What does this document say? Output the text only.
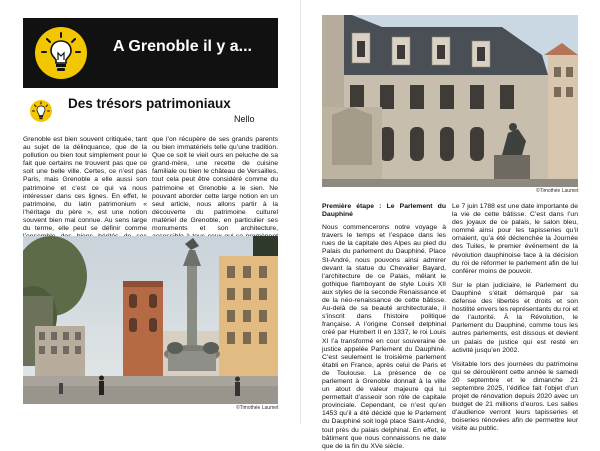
A Grenoble il y a...
Des trésors patrimoniaux
Nello
Grenoble est bien souvent critiquée, tant au sujet de la délinquance, que de la pollution ou bien tout simplement pour le fait que certains ne trouvent pas que ce soit une belle ville. Certes, ce n’est pas Paris, mais Grenoble a elle aussi son patrimoine et c’est ce qui va nous intéresser dans ces lignes. En effet, le patrimoine, du latin patrimonium « l’héritage du père », est une notion souvent bien mal connue. Au sens large du terme, elle peut se définir comme
que l’on récupère de ses grands parents ou bien immatériels telle qu’une tradition. Que ce soit le vieil ours en peluche de sa grand-mère, une recette de cuisine familiale ou bien le château de Versailles, tout cela peut être considéré comme du patrimoine et Grenoble a le sien. Ne pouvant aborder cette large notion en un seul article, nous allons partir à la découverte du patrimoine culturel matériel de Grenoble, en particulier ses monuments et son architecture,
©Timothée Laumet
©Timothée Laumet
Première étape : Le Parlement du Dauphiné
Nous commencerons notre voyage à travers le temps et l’espace dans les rues de la capitale des Alpes au pied du Palais du parlement du Dauphiné. Place St-André, nous pouvons ainsi admirer devant la statue du Chevalier Bayard, l’architecture de ce Palais, mêlant le gothique flamboyant de style Louis XII aux styles de la seconde Renaissance et de la néo-renaissance de cette bâtisse. Au-delà de sa beauté architecturale, il s’inscrit dans l’histoire politique française. A l’origine Conseil delphinal créé par Humbert II en 1337, le roi Louis XI l’a transformé en cour souveraine de justice appelée Parlement du Dauphiné. C’est seulement le troisième parlement établi en France, après celui de Paris et de Toulouse. La présence de ce parlement à Grenoble donnait à la ville un atout de valeur majeure qui lui permettait d’asseoir son rôle de capitale provinciale. Cependant, ce n’est qu’en 1453 qu’il a été décidé que le Parlement du Dauphiné soit logé place Saint-André, tout près du palais delphinal. En effet, le bâtiment que nous connaissons ne date que de la fin du XVe siècle.
Le 7 juin 1788 est une date importante de la vie de cette bâtisse. C’est dans l’un des joyaux de ce palais, le salon bleu, nommé ainsi pour les tapisseries qu’il ornaient, qu’a été déclenchée la Journée des Tuiles, le premier événement de la révolution dauphinoise face à la décision du roi de réformer le parlement afin de lui conférer moins de pouvoir.
Sur le plan judiciaire, le Parlement du Dauphiné s’était démarqué par sa défense des libertés et droits et son hostilité envers les représentants du roi et de l’autorité. À la Révolution, le Parlement du Dauphiné, comme tous les autres parlements, est dissous et devient un palais de justice qui est resté en activité jusqu’en 2002.
Visitable lors des journées du patrimoine qui se déroulèrent cette année le samedi 20 septembre et le dimanche 21 septembre 2025, l’édifice fait l’objet d’un projet de rénovation depuis 2020 avec un budget de 21 millions d’euros. Les salles d’audience verront leurs tapisseries et boiseries rénovées afin de permettre leur visite au public.
